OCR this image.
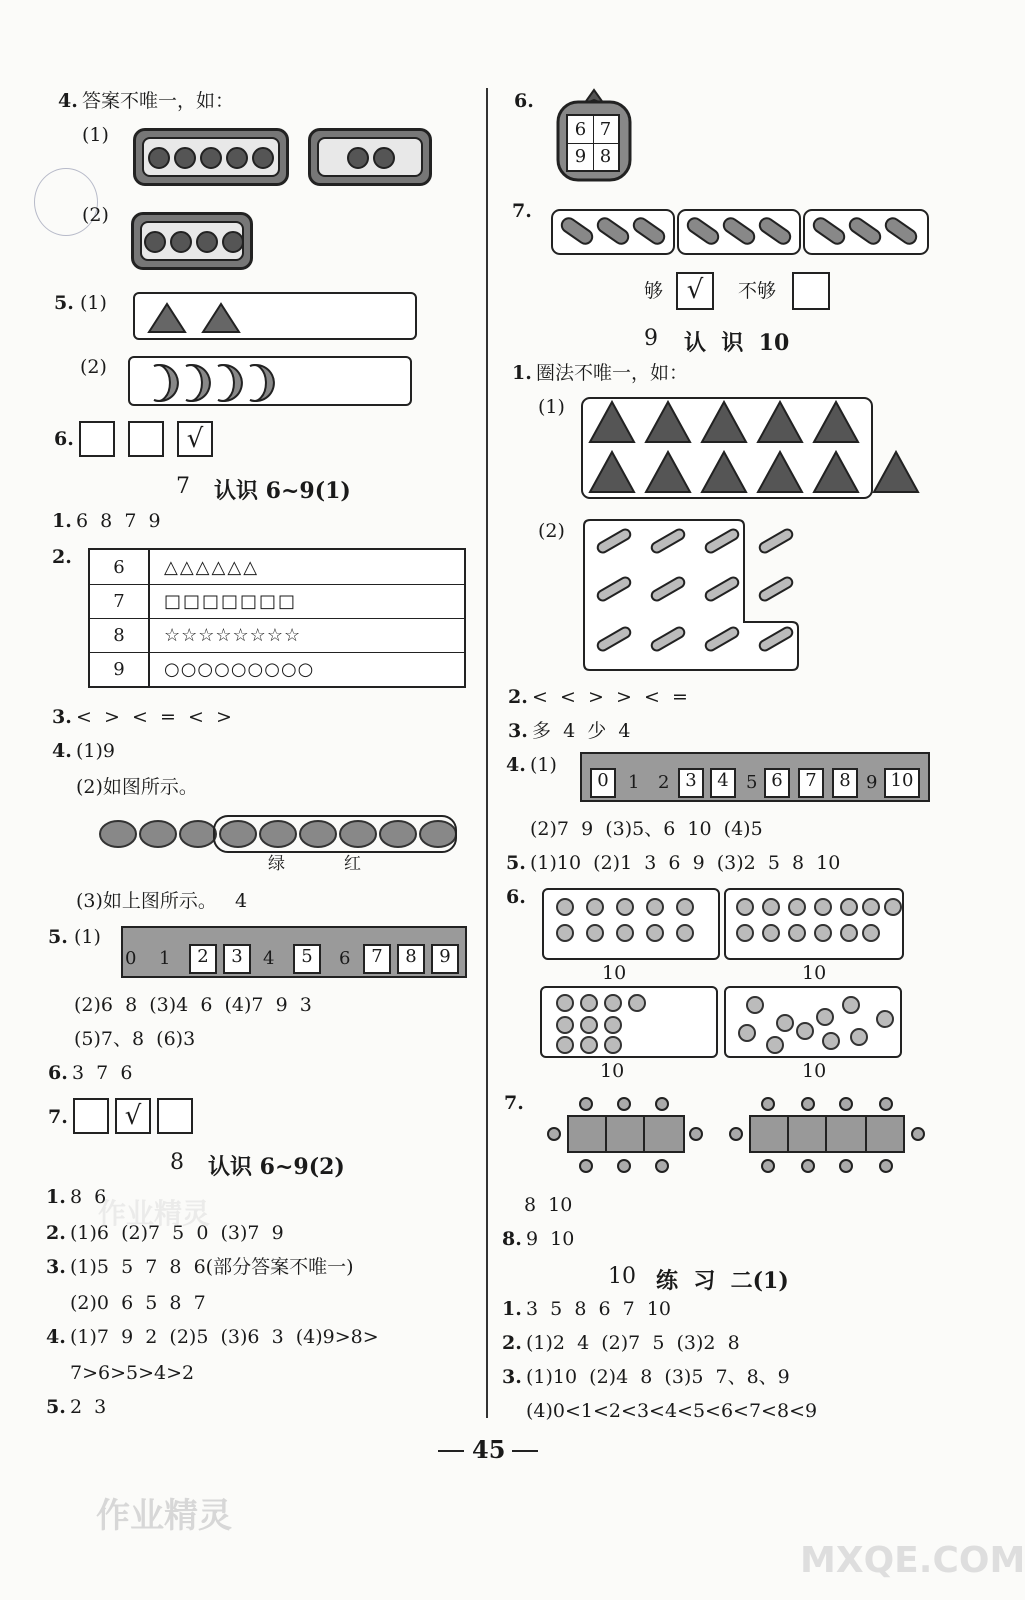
4. 答案不唯一，如：
(1)
(2)
5. (1)
(2)
6.	√
7 认识 6~9(1)
1. 6  8  7  9
2.	6	△△△△△△
7	□□□□□□□
8	☆☆☆☆☆☆☆☆
9	○○○○○○○○○
3. <  >  <  =  <  >
4. (1)9
(2)如图所示。
绿	红
(3)如上图所示。   4
5. (1)
0 1	2	3	4	5	6	7	8	9
(2)6  8  (3)4  6  (4)7  9  3
(5)7、8  (6)3
6. 3  7  6
7.	√
8 认识 6~9(2)
1. 8  6
2. (1)6  (2)7  5  0  (3)7  9
3. (1)5  5  7  8  6(部分答案不唯一)
(2)0  6  5  8  7
4. (1)7  9  2  (2)5  (3)6  3  (4)9>8>
7>6>5>4>2
5. 2  3
6.
6 7
9 8
7.
够 √	不够
9 认  识  10
1. 圈法不唯一，如：
(1)
(2)
2. <  <  >  >  <  =
3. 多  4  少  4
4. (1)
0	1 2 3	4 5 6	7	8 9 10
(2)7  9  (3)5、6  10  (4)5
5. (1)10  (2)1  3  6  9  (3)2  5  8  10
6.
10	10
10	10
7.
8  10
8. 9  10
10 练  习  二(1)
1. 3  5  8  6  7  10
2. (1)2  4  (2)7  5  (3)2  8
3. (1)10  (2)4  8  (3)5  7、8、9
(4)0<1<2<3<4<5<6<7<8<9
45
作业精灵
作业精灵
MXQE.COM
